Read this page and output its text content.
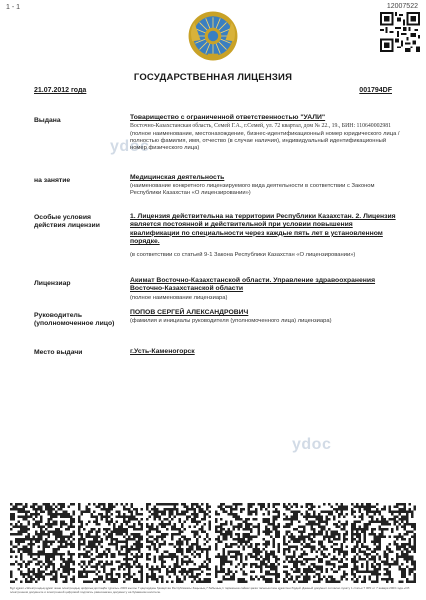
1 - 1	12007522
ГОСУДАРСТВЕННАЯ ЛИЦЕНЗИЯ
21.07.2012 года	001794DF
ydoc
ydoc
Выдана	Товарищество с ограниченной ответственностью "УАЛИ"
Восточно-Казахстанская область, Семей Г.А., г.Семей, ул. 72 квартал, дом № 22., 19., БИН: 110640002981
(полное наименование, местонахождение, бизнес-идентификационный номер юридического лица / полностью фамилия, имя, отчество (в случае наличия), индивидуальный идентификационный номер физического лица)
на занятие	Медицинская деятельность
(наименование конкретного лицензируемого вида деятельности в соответствии с Законом Республики Казахстан «О лицензировании»)
Особые условия
действия лицензии
1. Лицензия действительна на территории Республики Казахстан. 2. Лицензия является постоянной и действительной при условии повышения квалификации по специальности через каждые пять лет в установленном порядке.
(в соответствии со статьей 9-1 Закона Республики Казахстан «О лицензировании»)
Лицензиар	Акимат Восточно-Казахстанской области. Управление здравоохранения Восточно-Казахстанской области
(полное наименование лицензиара)
Руководитель
(уполномоченное лицо)
ПОПОВ СЕРГЕЙ АЛЕКСАНДРОВИЧ
(фамилия и инициалы руководителя (уполномоченного лица) лицензиара)
Место выдачи	г.Усть-Каменогорск
Бұл құжат «Электрондық құжат және электрондық цифрлық қолтаңба туралы» 2003 жылғы 7 қаңтардағы Қазақстан Республикасы Заңының 7 бабының 1 тармағына сәйкес қағаз тасығыштағы құжатпен бірдей. Данный документ согласно пункту 1 статьи 7 ЗРК от 7 января 2003 года «Об электронном документе и электронной цифровой подписи» равнозначен документу на бумажном носителе.
